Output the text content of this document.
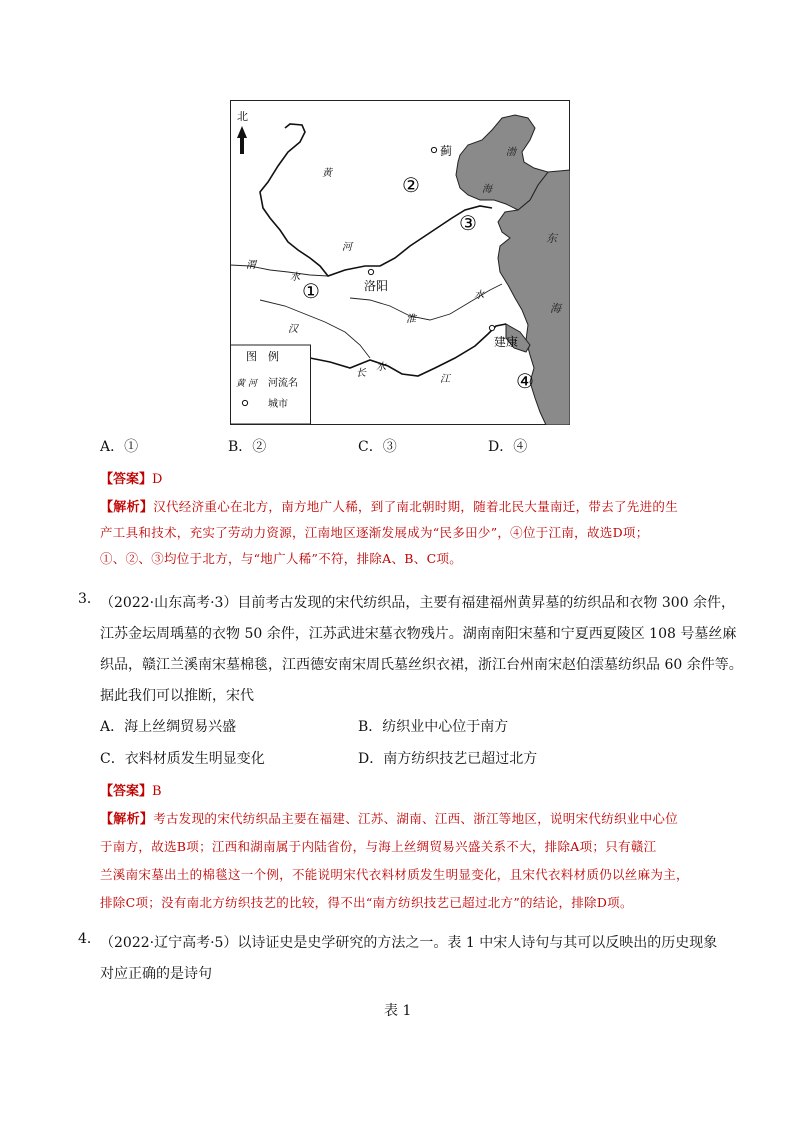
北
蓟	渤
海
东
海
黄
河
渭
水
洛阳
淮
水
汉
水
建康
长
江
①
②
③
④
图　例
黄 河 河流名
城市
A．①	B．②	C．③	D．④
【答案】D
【解析】汉代经济重心在北方，南方地广人稀，到了南北朝时期，随着北民大量南迁，带去了先进的生
产工具和技术，充实了劳动力资源，江南地区逐渐发展成为“民多田少”，④位于江南，故选D项；
①、②、③均位于北方，与“地广人稀”不符，排除A、B、C项。
3． （2022·山东高考·3）目前考古发现的宋代纺织品，主要有福建福州黄昇墓的纺织品和衣物 300 余件，
江苏金坛周瑀墓的衣物 50 余件，江苏武进宋墓衣物残片。湖南南阳宋墓和宁夏西夏陵区 108 号墓丝麻
织品，赣江兰溪南宋墓棉毯，江西德安南宋周氏墓丝织衣裙，浙江台州南宋赵伯澐墓纺织品 60 余件等。
据此我们可以推断，宋代
A．海上丝绸贸易兴盛	B．纺织业中心位于南方
C．衣料材质发生明显变化	D．南方纺织技艺已超过北方
【答案】B
【解析】考古发现的宋代纺织品主要在福建、江苏、湖南、江西、浙江等地区，说明宋代纺织业中心位
于南方，故选B项；江西和湖南属于内陆省份，与海上丝绸贸易兴盛关系不大，排除A项；只有赣江
兰溪南宋墓出土的棉毯这一个例，不能说明宋代衣料材质发生明显变化，且宋代衣料材质仍以丝麻为主，
排除C项；没有南北方纺织技艺的比较，得不出“南方纺织技艺已超过北方”的结论，排除D项。
4． （2022·辽宁高考·5）以诗证史是史学研究的方法之一。表 1 中宋人诗句与其可以反映出的历史现象
对应正确的是诗句
表 1
